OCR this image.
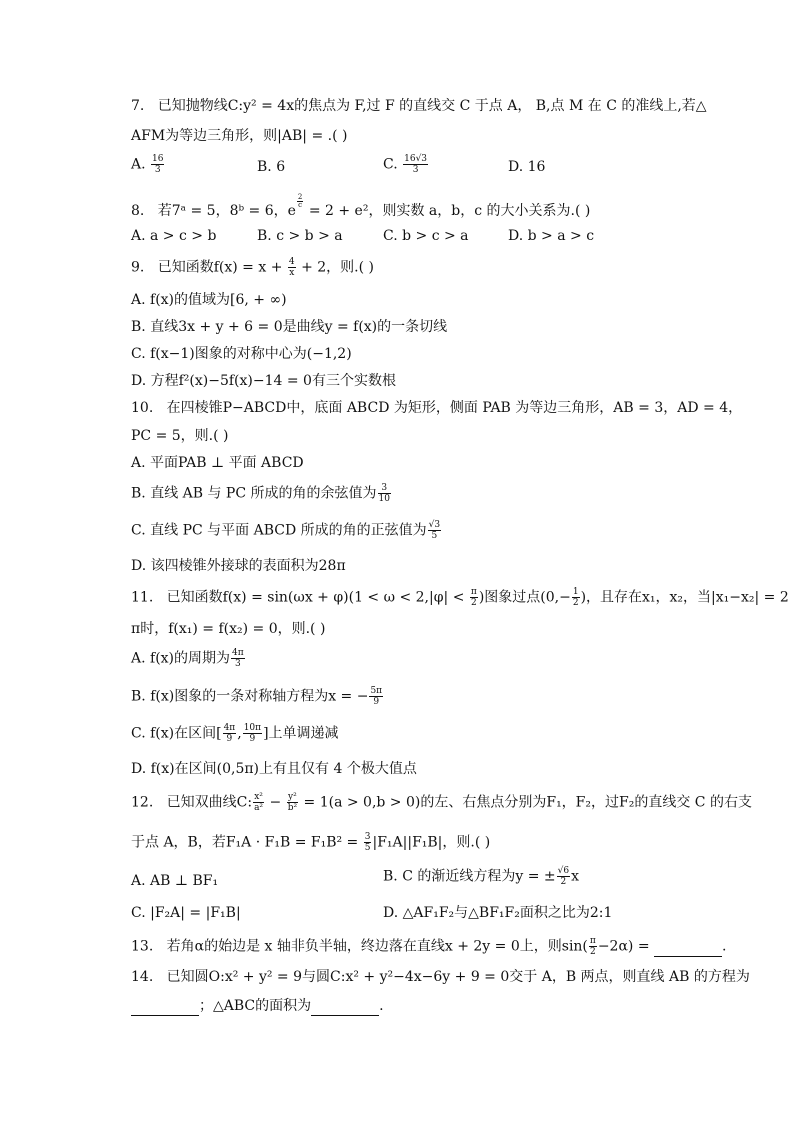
7. 已知抛物线C:y² = 4x的焦点为 F,过 F 的直线交 C 于点 A， B,点 M 在 C 的准线上,若△
AFM为等边三角形，则|AB| = .( )
A. $\frac{16}{3}$	B. 6	C. $\frac{16√3}{3}$	D. 16
8. 若7ᵃ = 5，8ᵇ = 6，e
$\frac{2}{c}$
= 2 + e²，则实数 a，b，c 的大小关系为.( )
A. a > c > b	B. c > b > a	C. b > c > a	D. b > a > c
9. 已知函数$f(x) = x + \frac{4}{x} + 2$，则.( )
A. f(x)的值域为[6, + ∞)
B. 直线3x + y + 6 = 0是曲线y = f(x)的一条切线
C. f(x−1)图象的对称中心为(−1,2)
D. 方程f²(x)−5f(x)−14 = 0有三个实数根
10. 在四棱锥P−ABCD中，底面 ABCD 为矩形，侧面 PAB 为等边三角形，AB = 3，AD = 4，
PC = 5，则.( )
A. 平面PAB ⊥ 平面 ABCD
B. 直线 AB 与 PC 所成的角的余弦值为 $\frac{3}{10}$
C. 直线 PC 与平面 ABCD 所成的角的正弦值为 $\frac{√3}{5}$
D. 该四棱锥外接球的表面积为28π
11. 已知函数$f(x) = \sin(\omega x + \varphi)(1 < \omega < 2,|\varphi| < \frac{\pi}{2}$ )图象过点($0,- \frac{1}{2}$ )，且存在x₁，x₂，当|x₁−x₂| = 2
π时，f(x₁) = f(x₂) = 0，则.( )
A. f(x)的周期为 $\frac{4\pi}{3}$
B. f(x)图象的一条对称轴方程为x = − $\frac{5\pi}{9}$
C. f(x)在区间[ $\frac{4\pi}{9}$ , $\frac{10\pi}{9}$ ]上单调递减
D. f(x)在区间(0,5π)上有且仅有 4 个极大值点
12. 已知双曲线C: $\frac{\text{x²}}{\text{a²}} - \frac{\text{y²}}{\text{b²}} = 1(a > 0,b > 0)$的左、右焦点分别为F₁，F₂，过F₂的直线交 C 的右支
于点 A，B，若$F_1A \cdot F_1B = F_1B^2 = \frac{3}{5} |F_1A||F_1B|$，则.( )
A. AB ⊥ BF₁	B. C 的渐近线方程为y = ± $\frac{√6}{2}$ x
C. |F₂A| = |F₁B|	D. △AF₁F₂与△BF₁F₂面积之比为2:1
13. 若角α的始边是 x 轴非负半轴，终边落在直线x + 2y = 0上，则$\sin( \frac{\pi}{2} -2\alpha)$ =	.
14. 已知圆O:x² + y² = 9与圆C:x² + y²−4x−6y + 9 = 0交于 A，B 两点，则直线 AB 的方程为
；△ABC的面积为	.
